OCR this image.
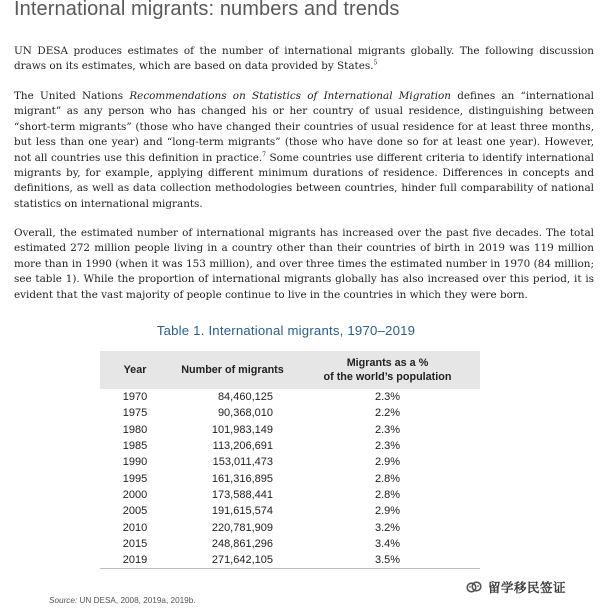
International migrants: numbers and trends
UN DESA produces estimates of the number of international migrants globally. The following discussion draws on its estimates, which are based on data provided by States.$^5$
The United Nations Recommendations on Statistics of International Migration defines an “international migrant” as any person who has changed his or her country of usual residence, distinguishing between “short-term migrants” (those who have changed their countries of usual residence for at least three months, but less than one year) and “long-term migrants” (those who have done so for at least one year). However, not all countries use this definition in practice.$^7$ Some countries use different criteria to identify international migrants by, for example, applying different minimum durations of residence. Differences in concepts and definitions, as well as data collection methodologies between countries, hinder full comparability of national statistics on international migrants.
Overall, the estimated number of international migrants has increased over the past five decades. The total estimated 272 million people living in a country other than their countries of birth in 2019 was 119 million more than in 1990 (when it was 153 million), and over three times the estimated number in 1970 (84 million; see table 1). While the proportion of international migrants globally has also increased over this period, it is evident that the vast majority of people continue to live in the countries in which they were born.
Table 1. International migrants, 1970–2019
Year	Number of migrants	Migrants as a %
of the world’s population
1970	84,460,125	2.3%
1975	90,368,010	2.2%
1980	101,983,149	2.3%
1985	113,206,691	2.3%
1990	153,011,473	2.9%
1995	161,316,895	2.8%
2000	173,588,441	2.8%
2005	191,615,574	2.9%
2010	220,781,909	3.2%
2015	248,861,296	3.4%
2019	271,642,105	3.5%
Source: UN DESA, 2008, 2019a, 2019b.
留学移民签证
